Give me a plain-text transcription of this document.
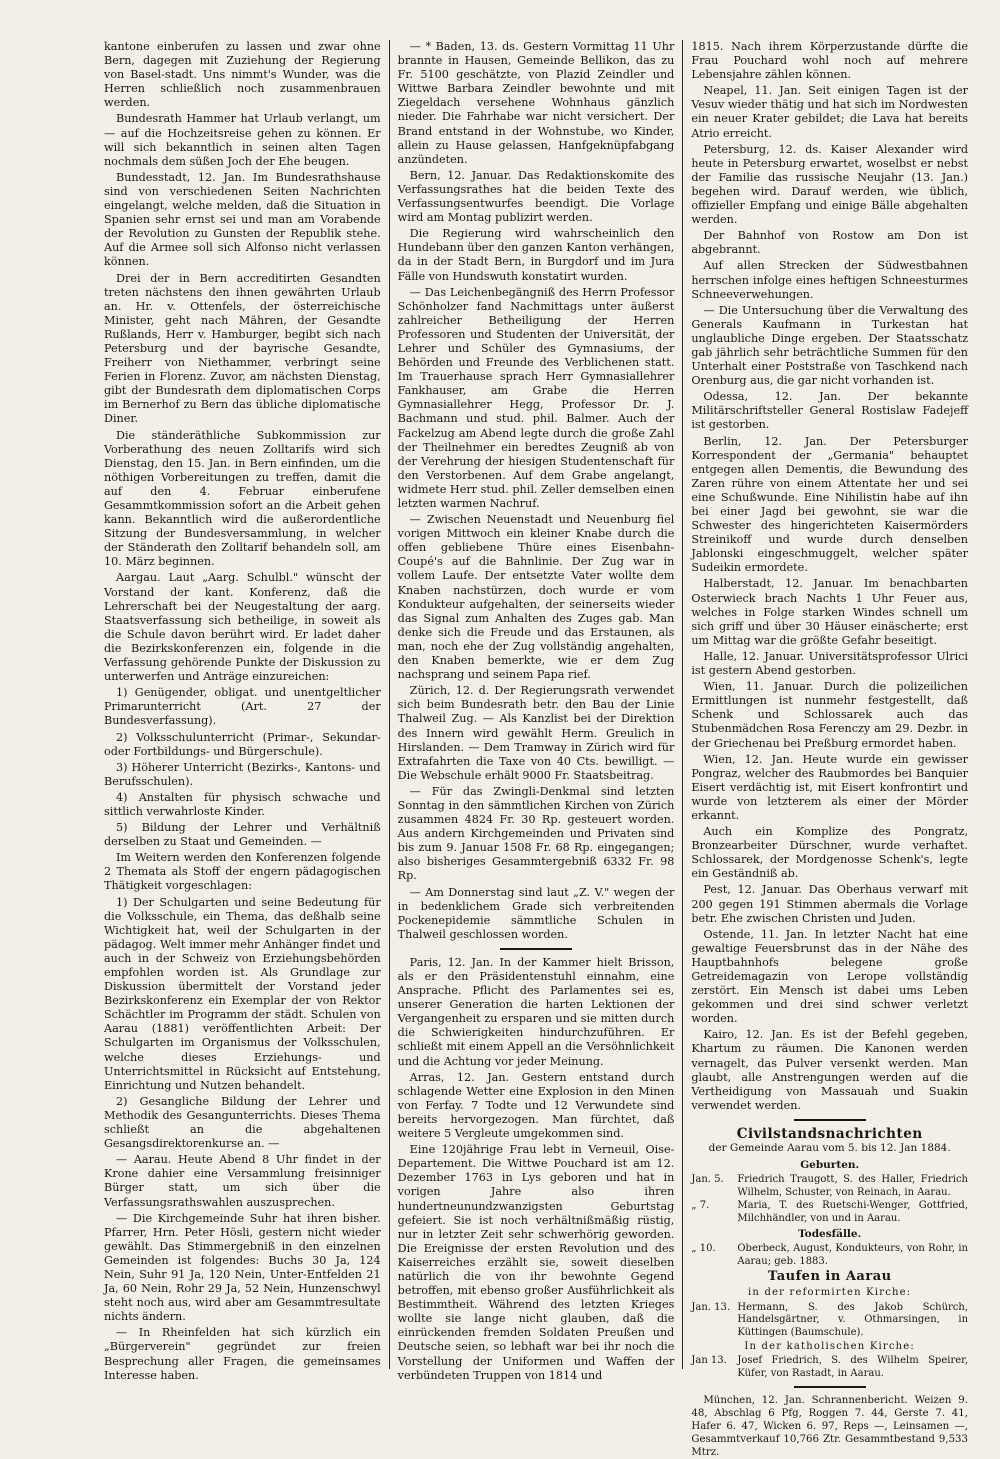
kantone einberufen zu lassen und zwar ohne Bern, dagegen mit Zuziehung der Regierung von Basel-stadt. Uns nimmt's Wunder, was die Herren schließlich noch zusammenbrauen werden.

Bundesrath Hammer hat Urlaub verlangt, um — auf die Hochzeitsreise gehen zu können. Er will sich bekanntlich in seinen alten Tagen nochmals dem süßen Joch der Ehe beugen.

Bundesstadt, 12. Jan. Im Bundesrathshause sind von verschiedenen Seiten Nachrichten eingelangt, welche melden, daß die Situation in Spanien sehr ernst sei und man am Vorabende der Revolution zu Gunsten der Republik stehe. Auf die Armee soll sich Alfonso nicht verlassen können.

Drei der in Bern accreditirten Gesandten treten nächstens den ihnen gewährten Urlaub an. Hr. v. Ottenfels, der österreichische Minister, geht nach Mähren, der Gesandte Rußlands, Herr v. Hamburger, begibt sich nach Petersburg und der bayrische Gesandte, Freiherr von Niethammer, verbringt seine Ferien in Florenz. Zuvor, am nächsten Dienstag, gibt der Bundesrath dem diplomatischen Corps im Bernerhof zu Bern das übliche diplomatische Diner.

Die ständeräthliche Subkommission zur Vorberathung des neuen Zolltarifs wird sich Dienstag, den 15. Jan. in Bern einfinden, um die nöthigen Vorbereitungen zu treffen, damit die auf den 4. Februar einberufene Gesammtkommission sofort an die Arbeit gehen kann. Bekanntlich wird die außerordentliche Sitzung der Bundesversammlung, in welcher der Ständerath den Zolltarif behandeln soll, am 10. März beginnen.

Aargau. Laut „Aarg. Schulbl." wünscht der Vorstand der kant. Konferenz, daß die Lehrerschaft bei der Neugestaltung der aarg. Staatsverfassung sich betheilige, in soweit als die Schule davon berührt wird. Er ladet daher die Bezirkskonferenzen ein, folgende in die Verfassung gehörende Punkte der Diskussion zu unterwerfen und Anträge einzureichen:

1) Genügender, obligat. und unentgeltlicher Primarunterricht (Art. 27 der Bundesverfassung).

2) Volksschulunterricht (Primar-, Sekundar- oder Fortbildungs- und Bürgerschule).

3) Höherer Unterricht (Bezirks-, Kantons- und Berufsschulen).

4) Anstalten für physisch schwache und sittlich verwahrloste Kinder.

5) Bildung der Lehrer und Verhältniß derselben zu Staat und Gemeinden. —

Im Weitern werden den Konferenzen folgende 2 Themata als Stoff der engern pädagogischen Thätigkeit vorgeschlagen:

1) Der Schulgarten und seine Bedeutung für die Volksschule, ein Thema, das deßhalb seine Wichtigkeit hat, weil der Schulgarten in der pädagog. Welt immer mehr Anhänger findet und auch in der Schweiz von Erziehungsbehörden empfohlen worden ist. Als Grundlage zur Diskussion übermittelt der Vorstand jeder Bezirkskonferenz ein Exemplar der von Rektor Schächtler im Programm der städt. Schulen von Aarau (1881) veröffentlichten Arbeit: Der Schulgarten im Organismus der Volksschulen, welche dieses Erziehungs- und Unterrichtsmittel in Rücksicht auf Entstehung, Einrichtung und Nutzen behandelt.

2) Gesangliche Bildung der Lehrer und Methodik des Gesangunterrichts. Dieses Thema schließt an die abgehaltenen Gesangsdirektorenkurse an. —

— Aarau. Heute Abend 8 Uhr findet in der Krone dahier eine Versammlung freisinniger Bürger statt, um sich über die Verfassungsrathswahlen auszusprechen.

— Die Kirchgemeinde Suhr hat ihren bisher. Pfarrer, Hrn. Peter Hösli, gestern nicht wieder gewählt. Das Stimmergebniß in den einzelnen Gemeinden ist folgendes: Buchs 30 Ja, 124 Nein, Suhr 91 Ja, 120 Nein, Unter-Entfelden 21 Ja, 60 Nein, Rohr 29 Ja, 52 Nein, Hunzenschwyl steht noch aus, wird aber am Gesammtresultate nichts ändern.

— In Rheinfelden hat sich kürzlich ein „Bürgerverein" gegründet zur freien Besprechung aller Fragen, die gemeinsames Interesse haben.

— * Baden, 13. ds. Gestern Vormittag 11 Uhr brannte in Hausen, Gemeinde Bellikon, das zu Fr. 5100 geschätzte, von Plazid Zeindler und Wittwe Barbara Zeindler bewohnte und mit Ziegeldach versehene Wohnhaus gänzlich nieder. Die Fahrhabe war nicht versichert. Der Brand entstand in der Wohnstube, wo Kinder, allein zu Hause gelassen, Hanfgeknüpfabgang anzündeten.

Bern, 12. Januar. Das Redaktionskomite des Verfassungsrathes hat die beiden Texte des Verfassungsentwurfes beendigt. Die Vorlage wird am Montag publizirt werden.

Die Regierung wird wahrscheinlich den Hundebann über den ganzen Kanton verhängen, da in der Stadt Bern, in Burgdorf und im Jura Fälle von Hundswuth konstatirt wurden.

— Das Leichenbegängniß des Herrn Professor Schönholzer fand Nachmittags unter äußerst zahlreicher Betheiligung der Herren Professoren und Studenten der Universität, der Lehrer und Schüler des Gymnasiums, der Behörden und Freunde des Verblichenen statt. Im Trauerhause sprach Herr Gymnasiallehrer Fankhauser, am Grabe die Herren Gymnasiallehrer Hegg, Professor Dr. J. Bachmann und stud. phil. Balmer. Auch der Fackelzug am Abend legte durch die große Zahl der Theilnehmer ein beredtes Zeugniß ab von der Verehrung der hiesigen Studentenschaft für den Verstorbenen. Auf dem Grabe angelangt, widmete Herr stud. phil. Zeller demselben einen letzten warmen Nachruf.

— Zwischen Neuenstadt und Neuenburg fiel vorigen Mittwoch ein kleiner Knabe durch die offen gebliebene Thüre eines Eisenbahn-Coupé's auf die Bahnlinie. Der Zug war in vollem Laufe. Der entsetzte Vater wollte dem Knaben nachstürzen, doch wurde er vom Kondukteur aufgehalten, der seinerseits wieder das Signal zum Anhalten des Zuges gab. Man denke sich die Freude und das Erstaunen, als man, noch ehe der Zug vollständig angehalten, den Knaben bemerkte, wie er dem Zug nachsprang und seinem Papa rief.

Zürich, 12. d. Der Regierungsrath verwendet sich beim Bundesrath betr. den Bau der Linie Thalweil Zug. — Als Kanzlist bei der Direktion des Innern wird gewählt Herm. Greulich in Hirslanden. — Dem Tramway in Zürich wird für Extrafahrten die Taxe von 40 Cts. bewilligt. — Die Webschule erhält 9000 Fr. Staatsbeitrag.

— Für das Zwingli-Denkmal sind letzten Sonntag in den sämmtlichen Kirchen von Zürich zusammen 4824 Fr. 30 Rp. gesteuert worden. Aus andern Kirchgemeinden und Privaten sind bis zum 9. Januar 1508 Fr. 68 Rp. eingegangen; also bisheriges Gesammtergebniß 6332 Fr. 98 Rp.

— Am Donnerstag sind laut „Z. V." wegen der in bedenklichem Grade sich verbreitenden Pockenepidemie sämmtliche Schulen in Thalweil geschlossen worden.

Paris, 12. Jan. In der Kammer hielt Brisson, als er den Präsidentenstuhl einnahm, eine Ansprache. Pflicht des Parlamentes sei es, unserer Generation die harten Lektionen der Vergangenheit zu ersparen und sie mitten durch die Schwierigkeiten hindurchzuführen. Er schließt mit einem Appell an die Versöhnlichkeit und die Achtung vor jeder Meinung.

Arras, 12. Jan. Gestern entstand durch schlagende Wetter eine Explosion in den Minen von Ferfay. 7 Todte und 12 Verwundete sind bereits hervorgezogen. Man fürchtet, daß weitere 5 Vergleute umgekommen sind.

Eine 120jährige Frau lebt in Verneuil, Oise-Departement. Die Wittwe Pouchard ist am 12. Dezember 1763 in Lys geboren und hat in vorigen Jahre also ihren hundertneunundzwanzigsten Geburtstag gefeiert. Sie ist noch verhältnißmäßig rüstig, nur in letzter Zeit sehr schwerhörig geworden. Die Ereignisse der ersten Revolution und des Kaiserreiches erzählt sie, soweit dieselben natürlich die von ihr bewohnte Gegend betroffen, mit ebenso großer Ausführlichkeit als Bestimmtheit. Während des letzten Krieges wollte sie lange nicht glauben, daß die einrückenden fremden Soldaten Preußen und Deutsche seien, so lebhaft war bei ihr noch die Vorstellung der Uniformen und Waffen der verbündeten Truppen von 1814 und

1815. Nach ihrem Körperzustande dürfte die Frau Pouchard wohl noch auf mehrere Lebensjahre zählen können.

Neapel, 11. Jan. Seit einigen Tagen ist der Vesuv wieder thätig und hat sich im Nordwesten ein neuer Krater gebildet; die Lava hat bereits Atrio erreicht.

Petersburg, 12. ds. Kaiser Alexander wird heute in Petersburg erwartet, woselbst er nebst der Familie das russische Neujahr (13. Jan.) begehen wird. Darauf werden, wie üblich, offizieller Empfang und einige Bälle abgehalten werden.

Der Bahnhof von Rostow am Don ist abgebrannt.

Auf allen Strecken der Südwestbahnen herrschen infolge eines heftigen Schneesturmes Schneeverwehungen.

— Die Untersuchung über die Verwaltung des Generals Kaufmann in Turkestan hat unglaubliche Dinge ergeben. Der Staatsschatz gab jährlich sehr beträchtliche Summen für den Unterhalt einer Poststraße von Taschkend nach Orenburg aus, die gar nicht vorhanden ist.

Odessa, 12. Jan. Der bekannte Militärschriftsteller General Rostislaw Fadejeff ist gestorben.

Berlin, 12. Jan. Der Petersburger Korrespondent der „Germania" behauptet entgegen allen Dementis, die Bewundung des Zaren rühre von einem Attentate her und sei eine Schußwunde. Eine Nihilistin habe auf ihn bei einer Jagd bei gewohnt, sie war die Schwester des hingerichteten Kaisermörders Streinikoff und wurde durch denselben Jablonski eingeschmuggelt, welcher später Sudeikin ermordete.

Halberstadt, 12. Januar. Im benachbarten Osterwieck brach Nachts 1 Uhr Feuer aus, welches in Folge starken Windes schnell um sich griff und über 30 Häuser einäscherte; erst um Mittag war die größte Gefahr beseitigt.

Halle, 12. Januar. Universitätsprofessor Ulrici ist gestern Abend gestorben.

Wien, 11. Januar. Durch die polizeilichen Ermittlungen ist nunmehr festgestellt, daß Schenk und Schlossarek auch das Stubenmädchen Rosa Ferenczy am 29. Dezbr. in der Griechenau bei Preßburg ermordet haben.

Wien, 12. Jan. Heute wurde ein gewisser Pongraz, welcher des Raubmordes bei Banquier Eisert verdächtig ist, mit Eisert konfrontirt und wurde von letzterem als einer der Mörder erkannt.

Auch ein Komplize des Pongratz, Bronzearbeiter Dürschner, wurde verhaftet. Schlossarek, der Mordgenosse Schenk's, legte ein Geständniß ab.

Pest, 12. Januar. Das Oberhaus verwarf mit 200 gegen 191 Stimmen abermals die Vorlage betr. Ehe zwischen Christen und Juden.

Ostende, 11. Jan. In letzter Nacht hat eine gewaltige Feuersbrunst das in der Nähe des Hauptbahnhofs belegene große Getreidemagazin von Lerope vollständig zerstört. Ein Mensch ist dabei ums Leben gekommen und drei sind schwer verletzt worden.

Kairo, 12. Jan. Es ist der Befehl gegeben, Khartum zu räumen. Die Kanonen werden vernagelt, das Pulver versenkt werden. Man glaubt, alle Anstrengungen werden auf die Vertheidigung von Massauah und Suakin verwendet werden.

Civilstandsnachrichten
der Gemeinde Aarau vom 5. bis 12. Jan 1884.
Geburten.
Jan. 5.	Friedrich Traugott, S. des Haller, Friedrich Wilhelm, Schuster, von Reinach, in Aarau.
„ 7.	Maria, T. des Ruetschi-Wenger, Gottfried, Milchhändler, von und in Aarau.
Todesfälle.
„ 10.	Oberbeck, August, Kondukteurs, von Rohr, in Aarau; geb. 1883.
Taufen in Aarau
in der reformirten Kirche:
Jan. 13. Hermann, S. des Jakob Schürch, Handelsgärtner, v. Othmarsingen, in Küttingen (Baumschule).
In der katholischen Kirche:
Jan 13.	Josef Friedrich, S. des Wilhelm Speirer, Küfer, von Rastadt, in Aarau.
München, 12. Jan. Schrannenbericht. Weizen 9. 48, Abschlag 6 Pfg, Roggen 7. 44, Gerste 7. 41, Hafer 6. 47, Wicken 6. 97, Reps —, Leinsamen —, Gesammtverkauf 10,766 Ztr. Gesammtbestand 9,533 Mtrz.
